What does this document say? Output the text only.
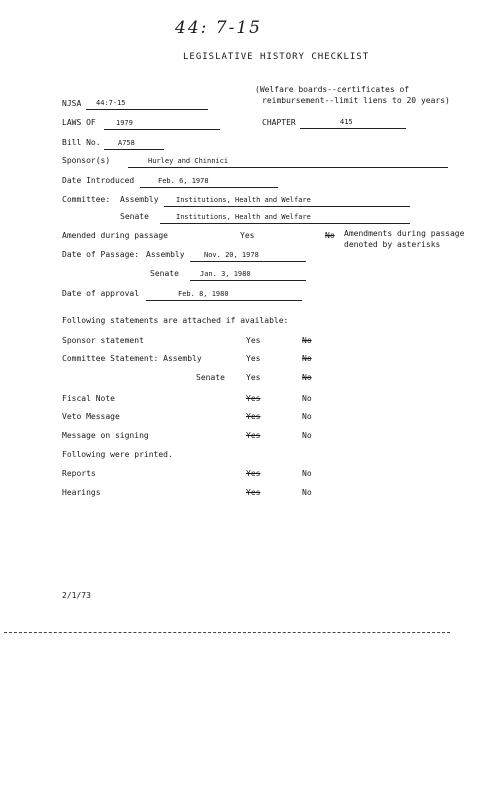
44: 7-15
LEGISLATIVE HISTORY CHECKLIST
(Welfare boards--certificates of
reimbursement--limit liens to 20 years)
NJSA 44:7-15
LAWS OF	1979	CHAPTER	415
Bill No. A758
Sponsor(s)	Hurley and Chinnici
Date Introduced	Feb. 6, 1978
Committee: Assembly Institutions, Health and Welfare
Senate	Institutions, Health and Welfare
Amended during passage	Yes	No Amendments during passage
denoted by asterisks
Date of Passage: Assembly	Nov. 20, 1978
Senate	Jan. 3, 1980
Date of approval	Feb. 8, 1980
Following statements are attached if available:
Sponsor statement	Yes	No
Committee Statement: Assembly	Yes	No
Senate	Yes	No
Fiscal Note	Yes	No
Veto Message	Yes	No
Message on signing	Yes	No
Following were printed.
Reports	Yes	No
Hearings	Yes	No
2/1/73
